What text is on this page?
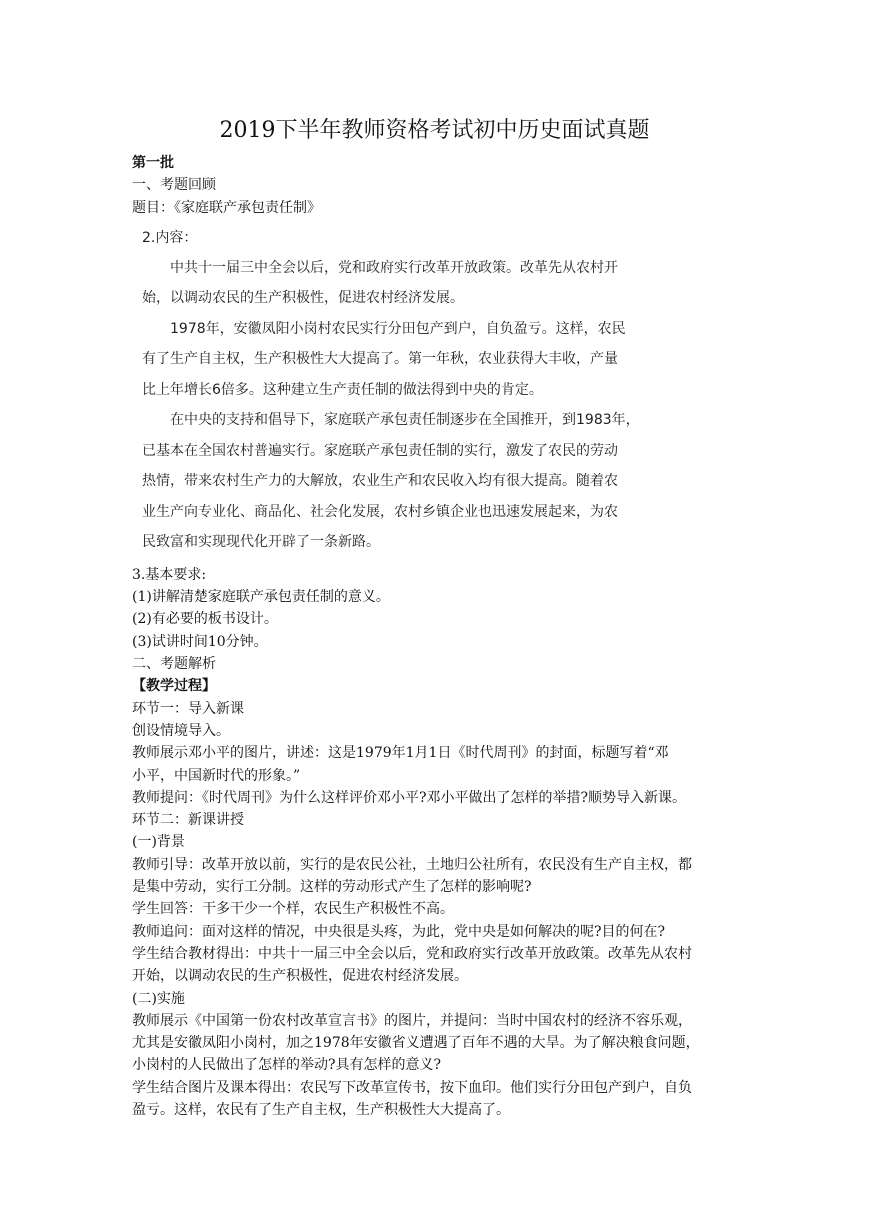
2019下半年教师资格考试初中历史面试真题
第一批
一、考题回顾
题目：《家庭联产承包责任制》
2.内容：
中共十一届三中全会以后，党和政府实行改革开放政策。改革先从农村开
始，以调动农民的生产积极性，促进农村经济发展。
1978年，安徽凤阳小岗村农民实行分田包产到户，自负盈亏。这样，农民
有了生产自主权，生产积极性大大提高了。第一年秋，农业获得大丰收，产量
比上年增长6倍多。这种建立生产责任制的做法得到中央的肯定。
在中央的支持和倡导下，家庭联产承包责任制逐步在全国推开，到1983年，
已基本在全国农村普遍实行。家庭联产承包责任制的实行，激发了农民的劳动
热情，带来农村生产力的大解放，农业生产和农民收入均有很大提高。随着农
业生产向专业化、商品化、社会化发展，农村乡镇企业也迅速发展起来，为农
民致富和实现现代化开辟了一条新路。
3.基本要求:
(1)讲解清楚家庭联产承包责任制的意义。
(2)有必要的板书设计。
(3)试讲时间10分钟。
二、考题解析
【教学过程】
环节一：导入新课
创设情境导入。
教师展示邓小平的图片，讲述：这是1979年1月1日《时代周刊》的封面，标题写着“邓
小平，中国新时代的形象。”
教师提问：《时代周刊》为什么这样评价邓小平?邓小平做出了怎样的举措?顺势导入新课。
环节二：新课讲授
(一)背景
教师引导：改革开放以前，实行的是农民公社，土地归公社所有，农民没有生产自主权，都
是集中劳动，实行工分制。这样的劳动形式产生了怎样的影响呢?
学生回答：干多干少一个样，农民生产积极性不高。
教师追问：面对这样的情况，中央很是头疼，为此，党中央是如何解决的呢?目的何在?
学生结合教材得出：中共十一届三中全会以后，党和政府实行改革开放政策。改革先从农村
开始，以调动农民的生产积极性，促进农村经济发展。
(二)实施
教师展示《中国第一份农村改革宣言书》的图片，并提问：当时中国农村的经济不容乐观，
尤其是安徽凤阳小岗村，加之1978年安徽省义遭遇了百年不遇的大旱。为了解决粮食问题，
小岗村的人民做出了怎样的举动?具有怎样的意义?
学生结合图片及课本得出：农民写下改革宣传书，按下血印。他们实行分田包产到户，自负
盈亏。这样，农民有了生产自主权，生产积极性大大提高了。
